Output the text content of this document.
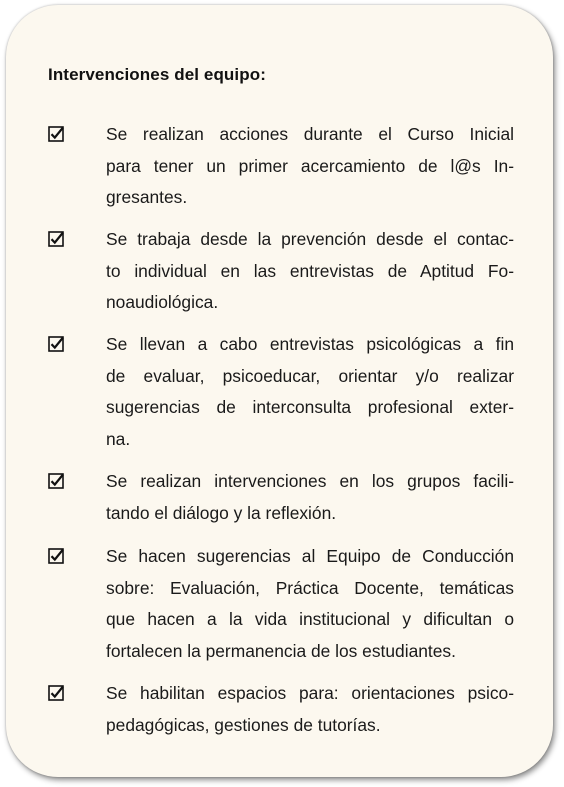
Intervenciones del equipo:
Se realizan acciones durante el Curso Inicial
para tener un primer acercamiento de l@s In-
gresantes.
Se trabaja desde la prevención desde el contac-
to individual en las entrevistas de Aptitud Fo-
noaudiológica.
Se llevan a cabo entrevistas psicológicas a fin
de evaluar, psicoeducar, orientar y/o realizar
sugerencias de interconsulta profesional exter-
na.
Se realizan intervenciones en los grupos facili-
tando el diálogo y la reflexión.
Se hacen sugerencias al Equipo de Conducción
sobre: Evaluación, Práctica Docente, temáticas
que hacen a la vida institucional y dificultan o
fortalecen la permanencia de los estudiantes.
Se habilitan espacios para: orientaciones psico-
pedagógicas, gestiones de tutorías.
